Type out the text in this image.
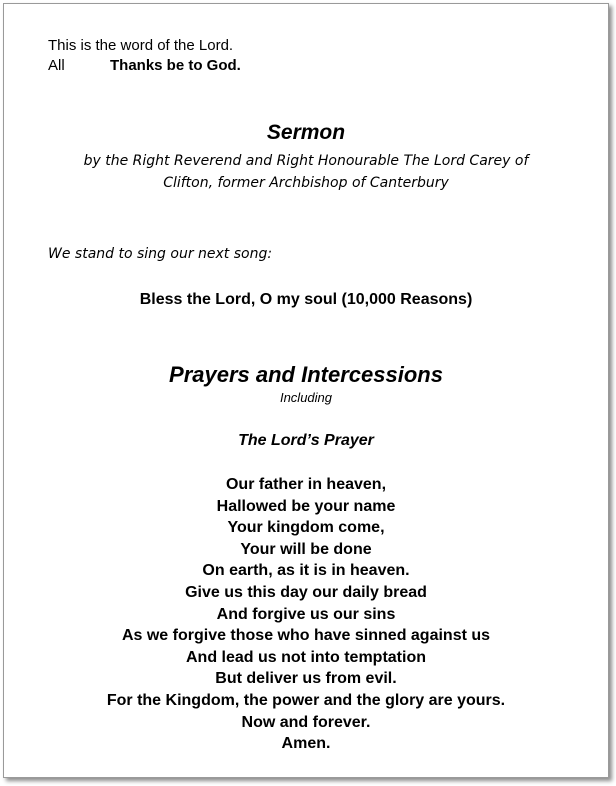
This is the word of the Lord.
All	Thanks be to God.
Sermon
by the Right Reverend and Right Honourable The Lord Carey of
Clifton, former Archbishop of Canterbury
We stand to sing our next song:
Bless the Lord, O my soul (10,000 Reasons)
Prayers and Intercessions
Including
The Lord’s Prayer
Our father in heaven,
Hallowed be your name
Your kingdom come,
Your will be done
On earth, as it is in heaven.
Give us this day our daily bread
And forgive us our sins
As we forgive those who have sinned against us
And lead us not into temptation
But deliver us from evil.
For the Kingdom, the power and the glory are yours.
Now and forever.
Amen.
